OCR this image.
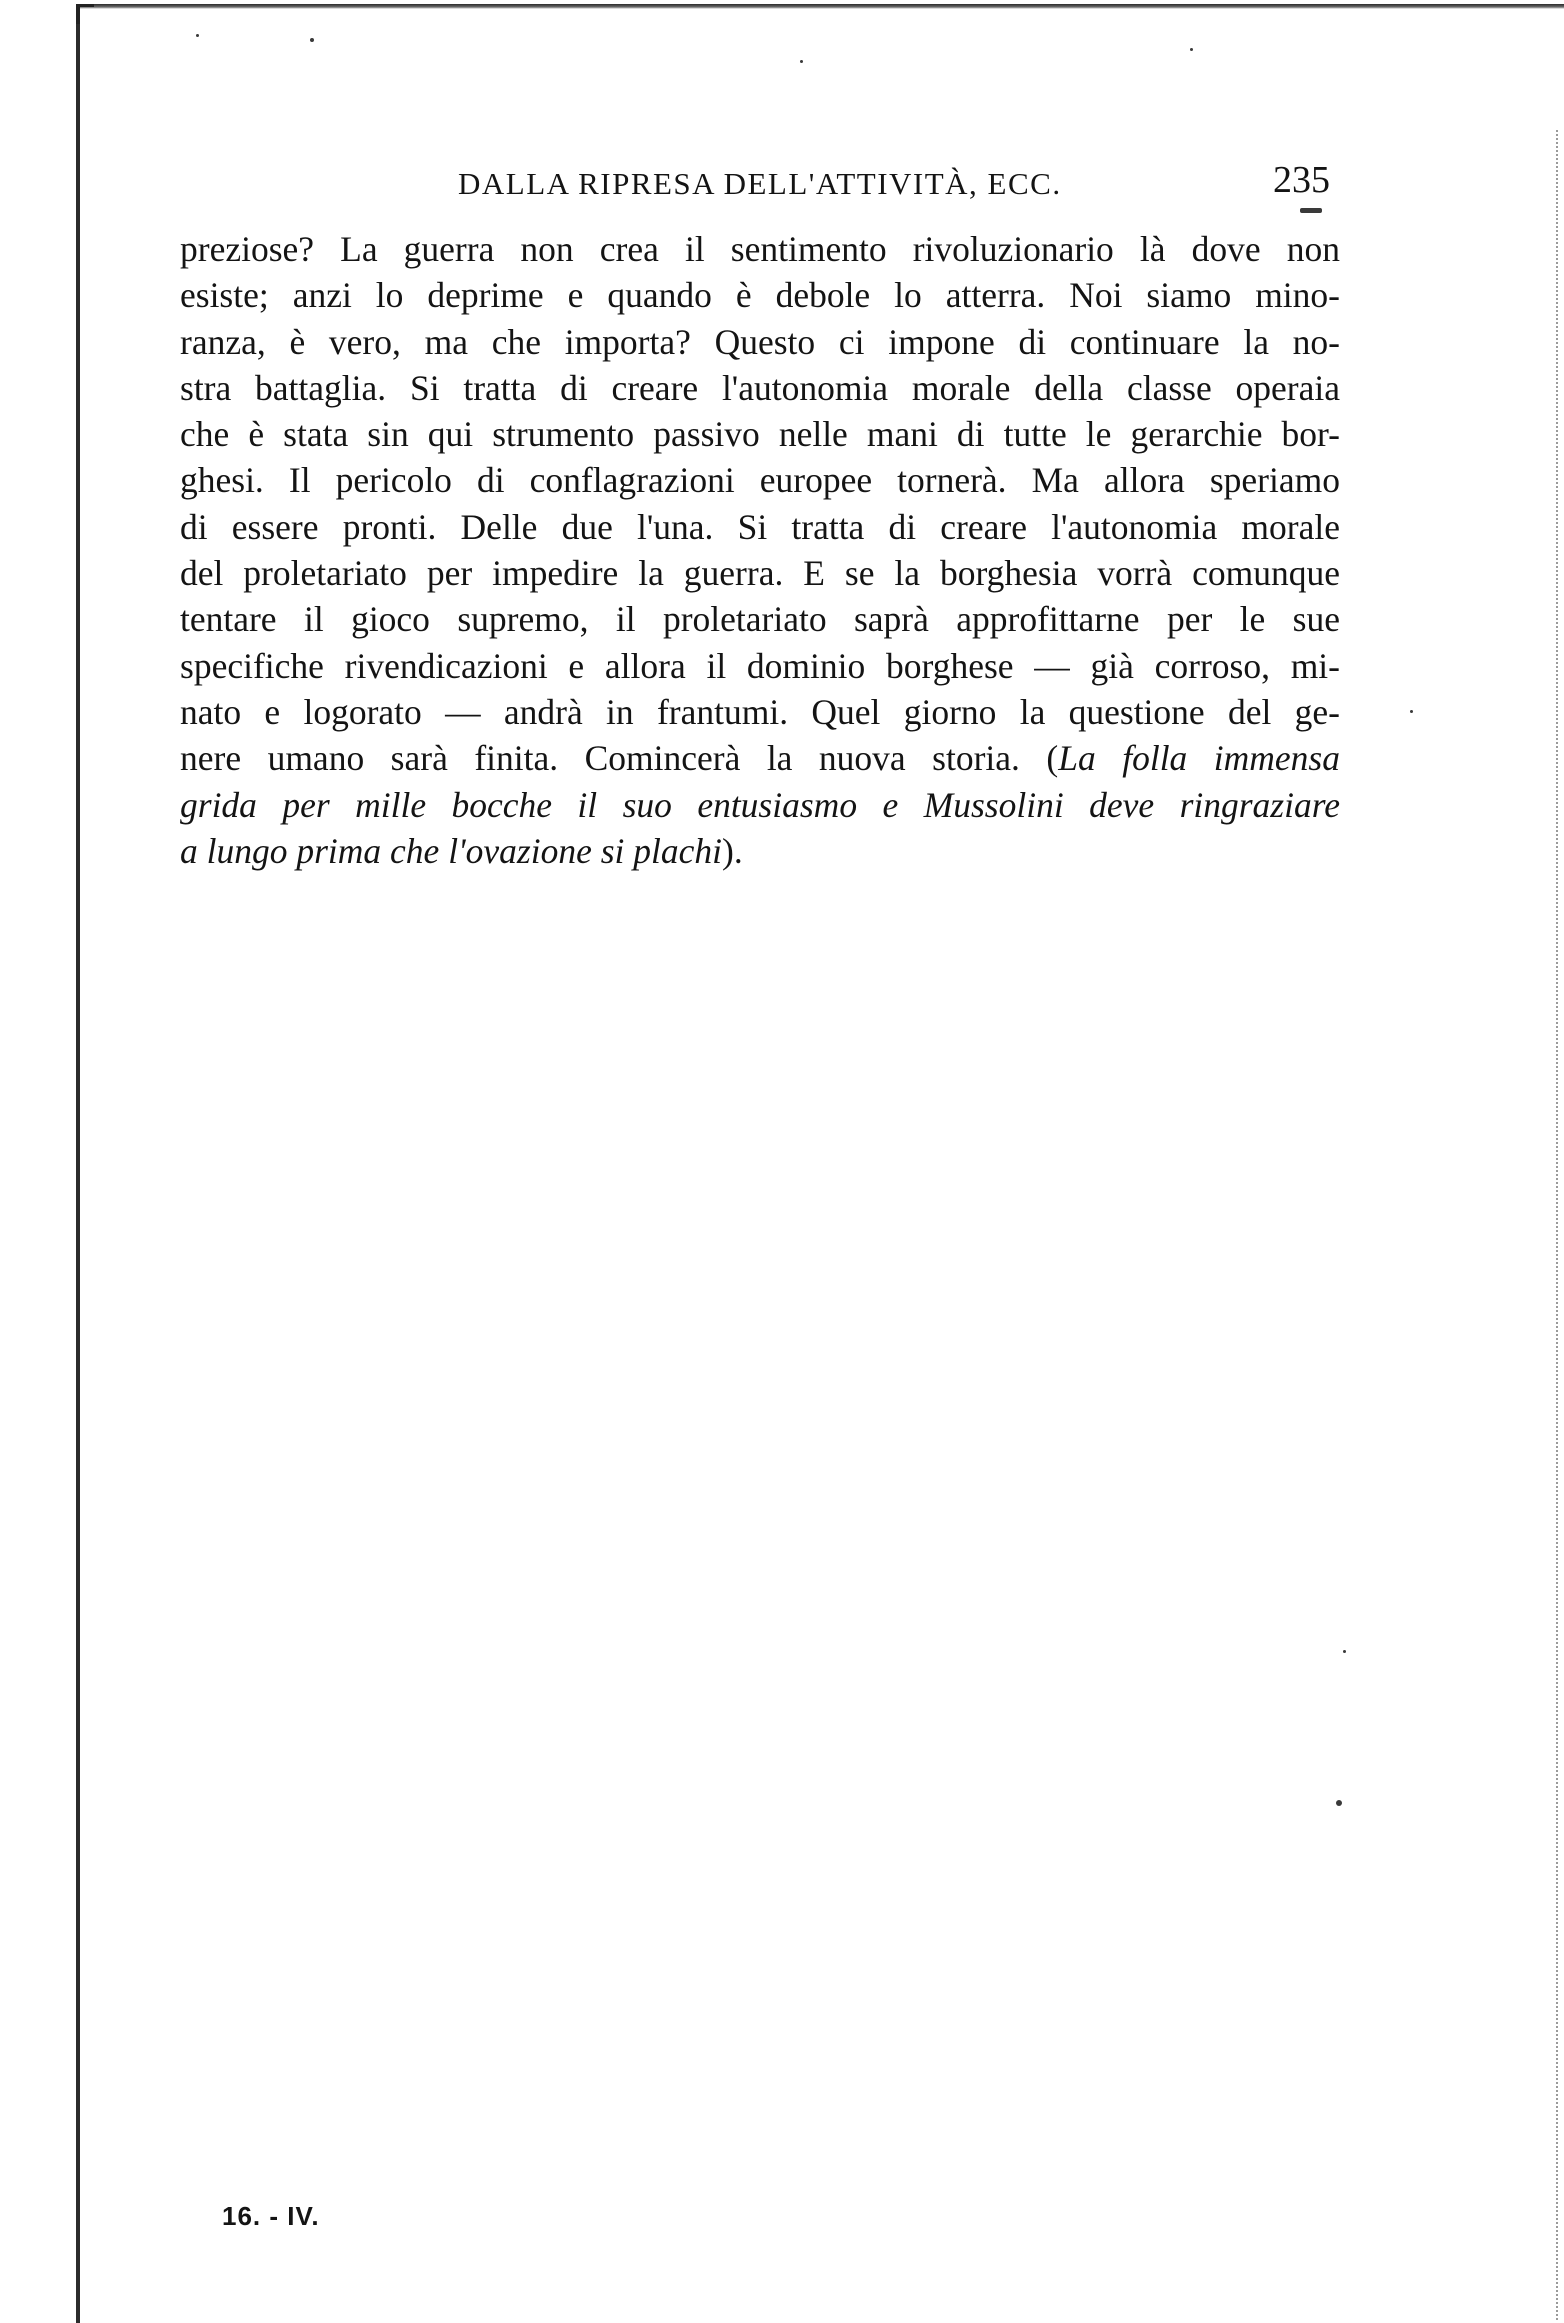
DALLA RIPRESA DELL'ATTIVITÀ, ECC.	235
preziose? La guerra non crea il sentimento rivoluzionario là dove non
esiste; anzi lo deprime e quando è debole lo atterra. Noi siamo mino-
ranza, è vero, ma che importa? Questo ci impone di continuare la no-
stra battaglia. Si tratta di creare l'autonomia morale della classe operaia
che è stata sin qui strumento passivo nelle mani di tutte le gerarchie bor-
ghesi. Il pericolo di conflagrazioni europee tornerà. Ma allora speriamo
di essere pronti. Delle due l'una. Si tratta di creare l'autonomia morale
del proletariato per impedire la guerra. E se la borghesia vorrà comunque
tentare il gioco supremo, il proletariato saprà approfittarne per le sue
specifiche rivendicazioni e allora il dominio borghese — già corroso, mi-
nato e logorato — andrà in frantumi. Quel giorno la questione del ge-
nere umano sarà finita. Comincerà la nuova storia. (La folla immensa
grida per mille bocche il suo entusiasmo e Mussolini deve ringraziare
a lungo prima che l'ovazione si plachi).
16. - IV.
